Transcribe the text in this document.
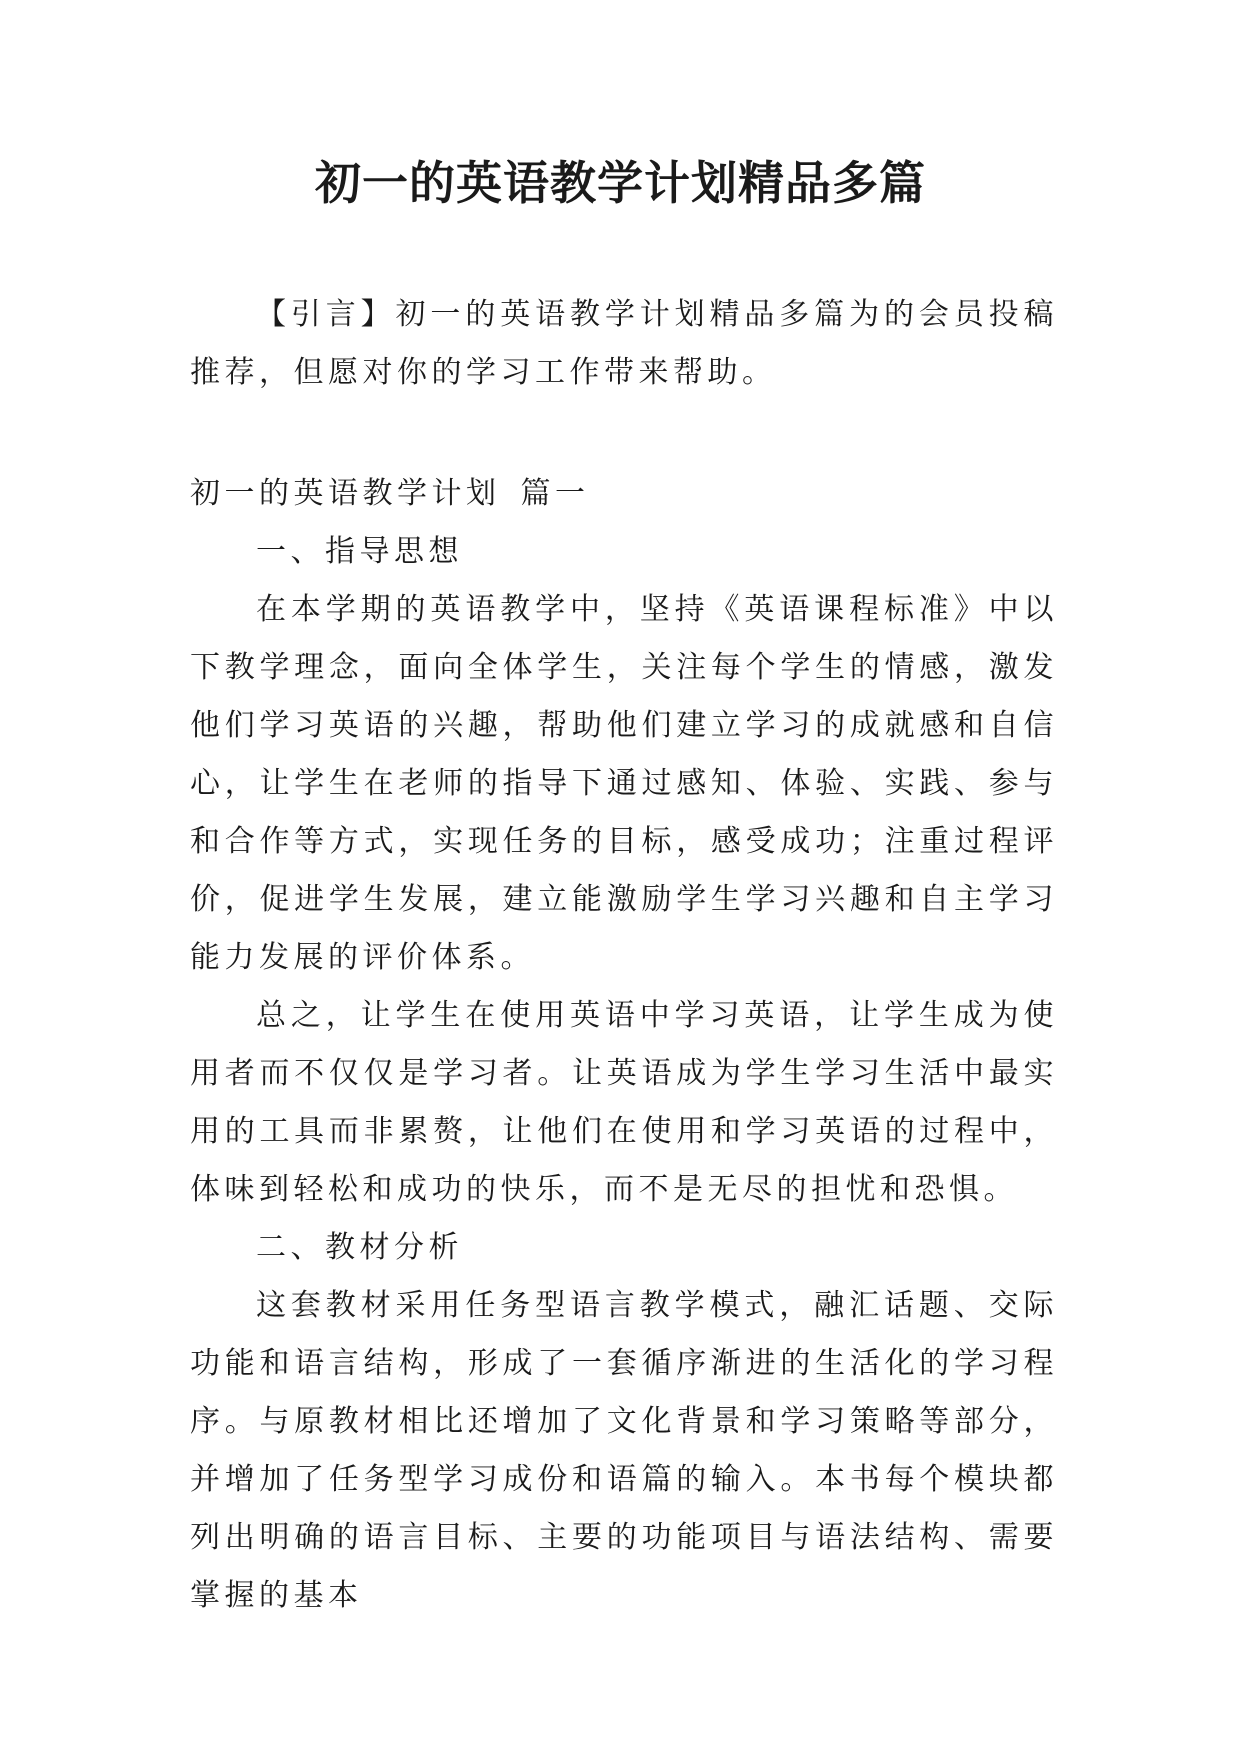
初一的英语教学计划精品多篇

【引言】初一的英语教学计划精品多篇为的会员投稿推荐，但愿对你的学习工作带来帮助。

初一的英语教学计划 篇一

一、指导思想

在本学期的英语教学中，坚持《英语课程标准》中以下教学理念，面向全体学生，关注每个学生的情感，激发他们学习英语的兴趣，帮助他们建立学习的成就感和自信心，让学生在老师的指导下通过感知、体验、实践、参与和合作等方式，实现任务的目标，感受成功；注重过程评价，促进学生发展，建立能激励学生学习兴趣和自主学习能力发展的评价体系。

总之，让学生在使用英语中学习英语，让学生成为使用者而不仅仅是学习者。让英语成为学生学习生活中最实用的工具而非累赘，让他们在使用和学习英语的过程中，体味到轻松和成功的快乐，而不是无尽的担忧和恐惧。

二、教材分析

这套教材采用任务型语言教学模式，融汇话题、交际功能和语言结构，形成了一套循序渐进的生活化的学习程序。与原教材相比还增加了文化背景和学习策略等部分，并增加了任务型学习成份和语篇的输入。本书每个模块都列出明确的语言目标、主要的功能项目与语法结构、需要掌握的基本
